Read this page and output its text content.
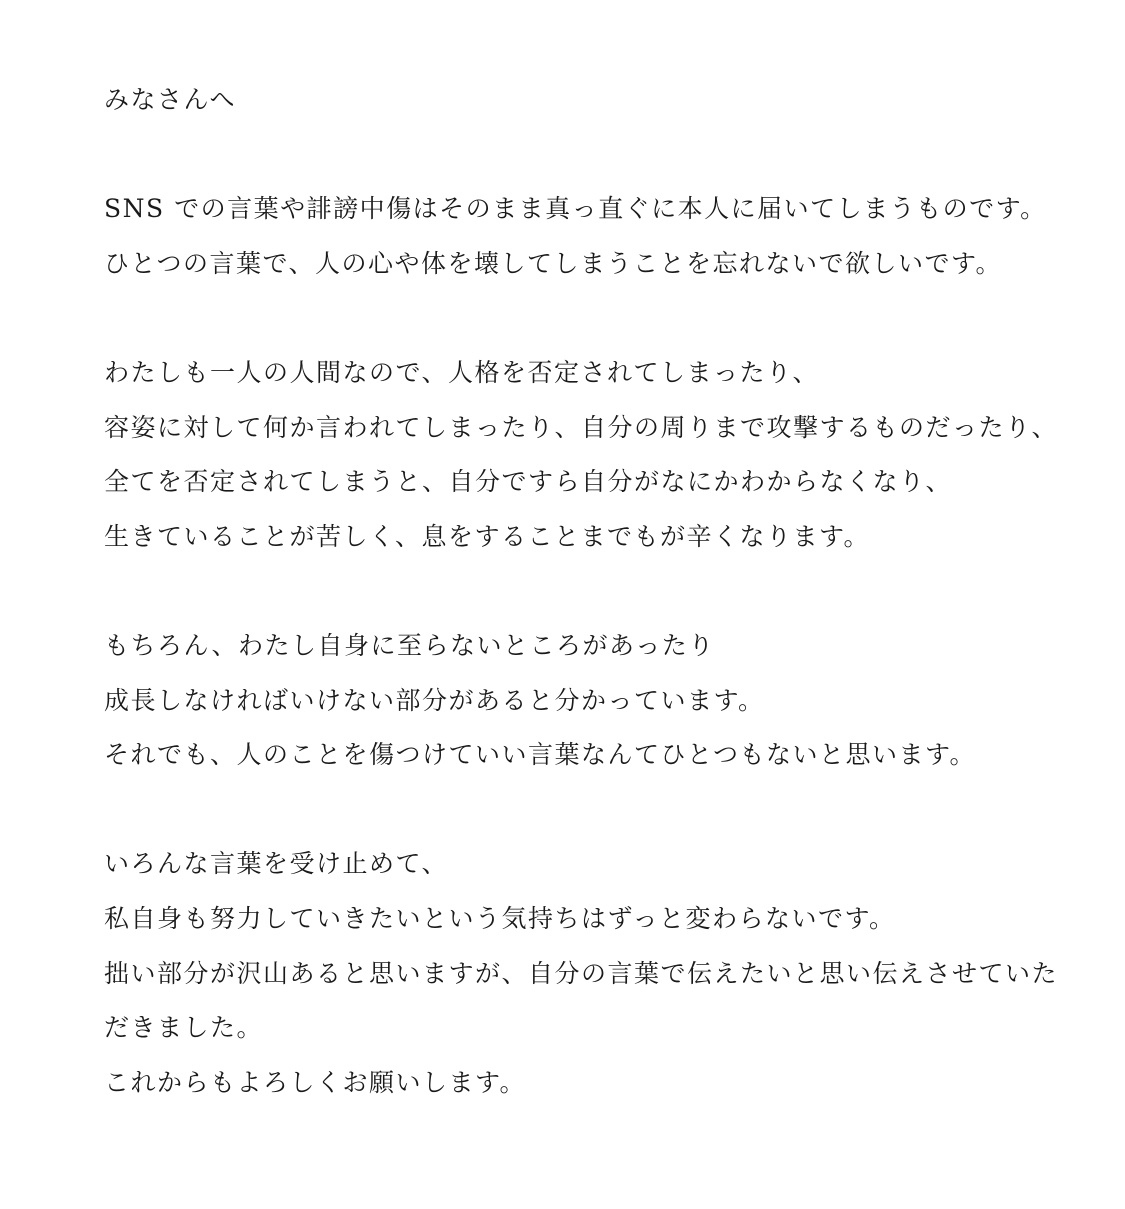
みなさんへ
SNS での言葉や誹謗中傷はそのまま真っ直ぐに本人に届いてしまうものです。
ひとつの言葉で、人の心や体を壊してしまうことを忘れないで欲しいです。
わたしも一人の人間なので、人格を否定されてしまったり、
容姿に対して何か言われてしまったり、自分の周りまで攻撃するものだったり、
全てを否定されてしまうと、自分ですら自分がなにかわからなくなり、
生きていることが苦しく、息をすることまでもが辛くなります。
もちろん、わたし自身に至らないところがあったり
成長しなければいけない部分があると分かっています。
それでも、人のことを傷つけていい言葉なんてひとつもないと思います。
いろんな言葉を受け止めて、
私自身も努力していきたいという気持ちはずっと変わらないです。
拙い部分が沢山あると思いますが、自分の言葉で伝えたいと思い伝えさせていた
だきました。
これからもよろしくお願いします。
